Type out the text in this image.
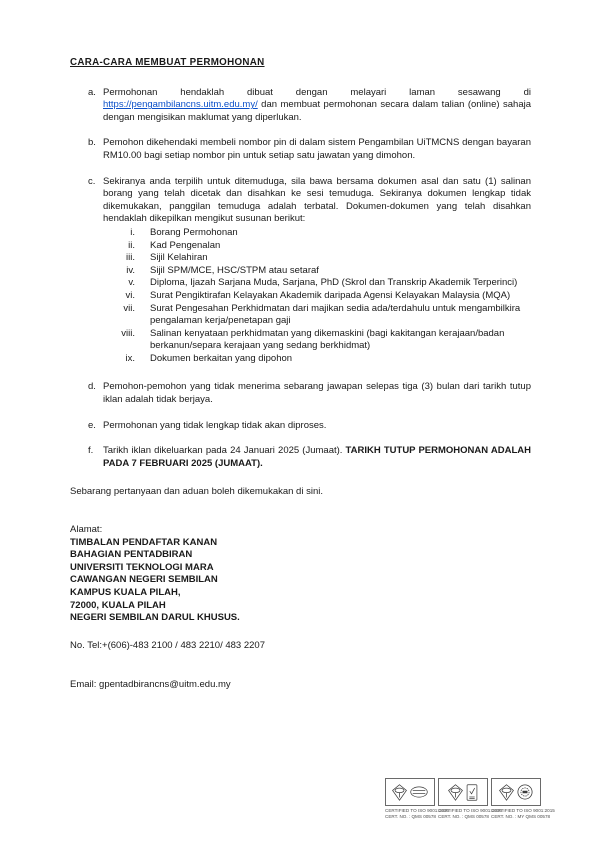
CARA-CARA MEMBUAT PERMOHONAN
a. Permohonan hendaklah dibuat dengan melayari laman sesawang di https://pengambilancns.uitm.edu.my/ dan membuat permohonan secara dalam talian (online) sahaja dengan mengisikan maklumat yang diperlukan.
b. Pemohon dikehendaki membeli nombor pin di dalam sistem Pengambilan UiTMCNS dengan bayaran RM10.00 bagi setiap nombor pin untuk setiap satu jawatan yang dimohon.
c. Sekiranya anda terpilih untuk ditemuduga, sila bawa bersama dokumen asal dan satu (1) salinan borang yang telah dicetak dan disahkan ke sesi temuduga. Sekiranya dokumen lengkap tidak dikemukakan, panggilan temuduga adalah terbatal. Dokumen-dokumen yang telah disahkan hendaklah dikepilkan mengikut susunan berikut:
i.	Borang Permohonan
ii.	Kad Pengenalan
iii.	Sijil Kelahiran
iv.	Sijil SPM/MCE, HSC/STPM atau setaraf
v.	Diploma, Ijazah Sarjana Muda, Sarjana, PhD (Skrol dan Transkrip Akademik Terperinci)
vi.	Surat Pengiktirafan Kelayakan Akademik daripada Agensi Kelayakan Malaysia (MQA)
vii.	Surat Pengesahan Perkhidmatan dari majikan sedia ada/terdahulu untuk mengambilkira pengalaman kerja/penetapan gaji
viii.	Salinan kenyataan perkhidmatan yang dikemaskini (bagi kakitangan kerajaan/badan berkanun/separa kerajaan yang sedang berkhidmat)
ix.	Dokumen berkaitan yang dipohon
d. Pemohon-pemohon yang tidak menerima sebarang jawapan selepas tiga (3) bulan dari tarikh tutup iklan adalah tidak berjaya.
e. Permohonan yang tidak lengkap tidak akan diproses.
f.	Tarikh iklan dikeluarkan pada 24 Januari 2025 (Jumaat). TARIKH TUTUP PERMOHONAN ADALAH PADA 7 FEBRUARI 2025 (JUMAAT).
Sebarang pertanyaan dan aduan boleh dikemukakan di sini.
Alamat:
TIMBALAN PENDAFTAR KANAN
BAHAGIAN PENTADBIRAN
UNIVERSITI TEKNOLOGI MARA
CAWANGAN NEGERI SEMBILAN
KAMPUS KUALA PILAH,
72000, KUALA PILAH
NEGERI SEMBILAN DARUL KHUSUS.
No. Tel:+(606)-483 2100 / 483 2210/ 483 2207
Email: gpentadbirancns@uitm.edu.my
CERTIFIED TO ISO 9001:2015
CERT. NO. : QMS 00578
CERTIFIED TO ISO 9001:2015
CERT. NO. : QMS 00578
CERTIFIED TO ISO 9001:2015
CERT. NO. : MY QMS 00578
